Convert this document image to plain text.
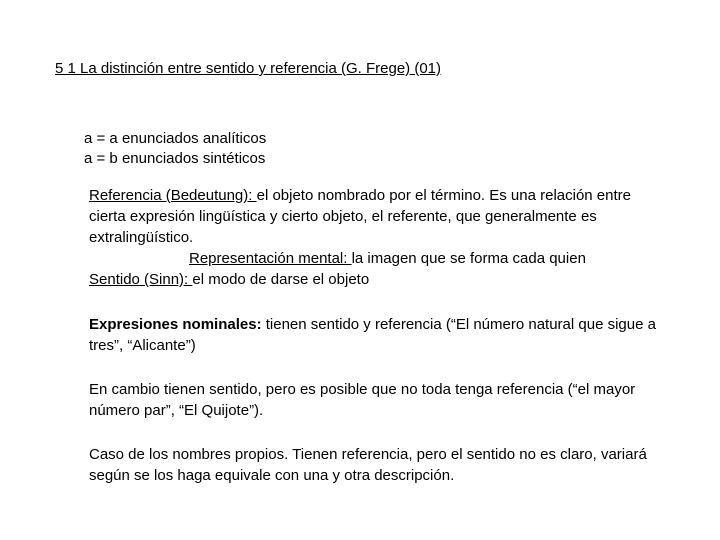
5 1 La distinción entre sentido y referencia (G. Frege) (01)
a = a enunciados analíticos
a = b enunciados sintéticos
Referencia (Bedeutung): el objeto nombrado por el término. Es una relación entre cierta expresión lingüística y cierto objeto, el referente, que generalmente es extralingüístico.
Representación mental: la imagen que se forma cada quien
Sentido (Sinn): el modo de darse el objeto
Expresiones nominales: tienen sentido y referencia (“El número natural que sigue a tres”, “Alicante”)
En cambio tienen sentido, pero es posible que no toda tenga referencia (“el mayor número par”, “El Quijote”).
Caso de los nombres propios. Tienen referencia, pero el sentido no es claro, variará según se los haga equivale con una y otra descripción.
